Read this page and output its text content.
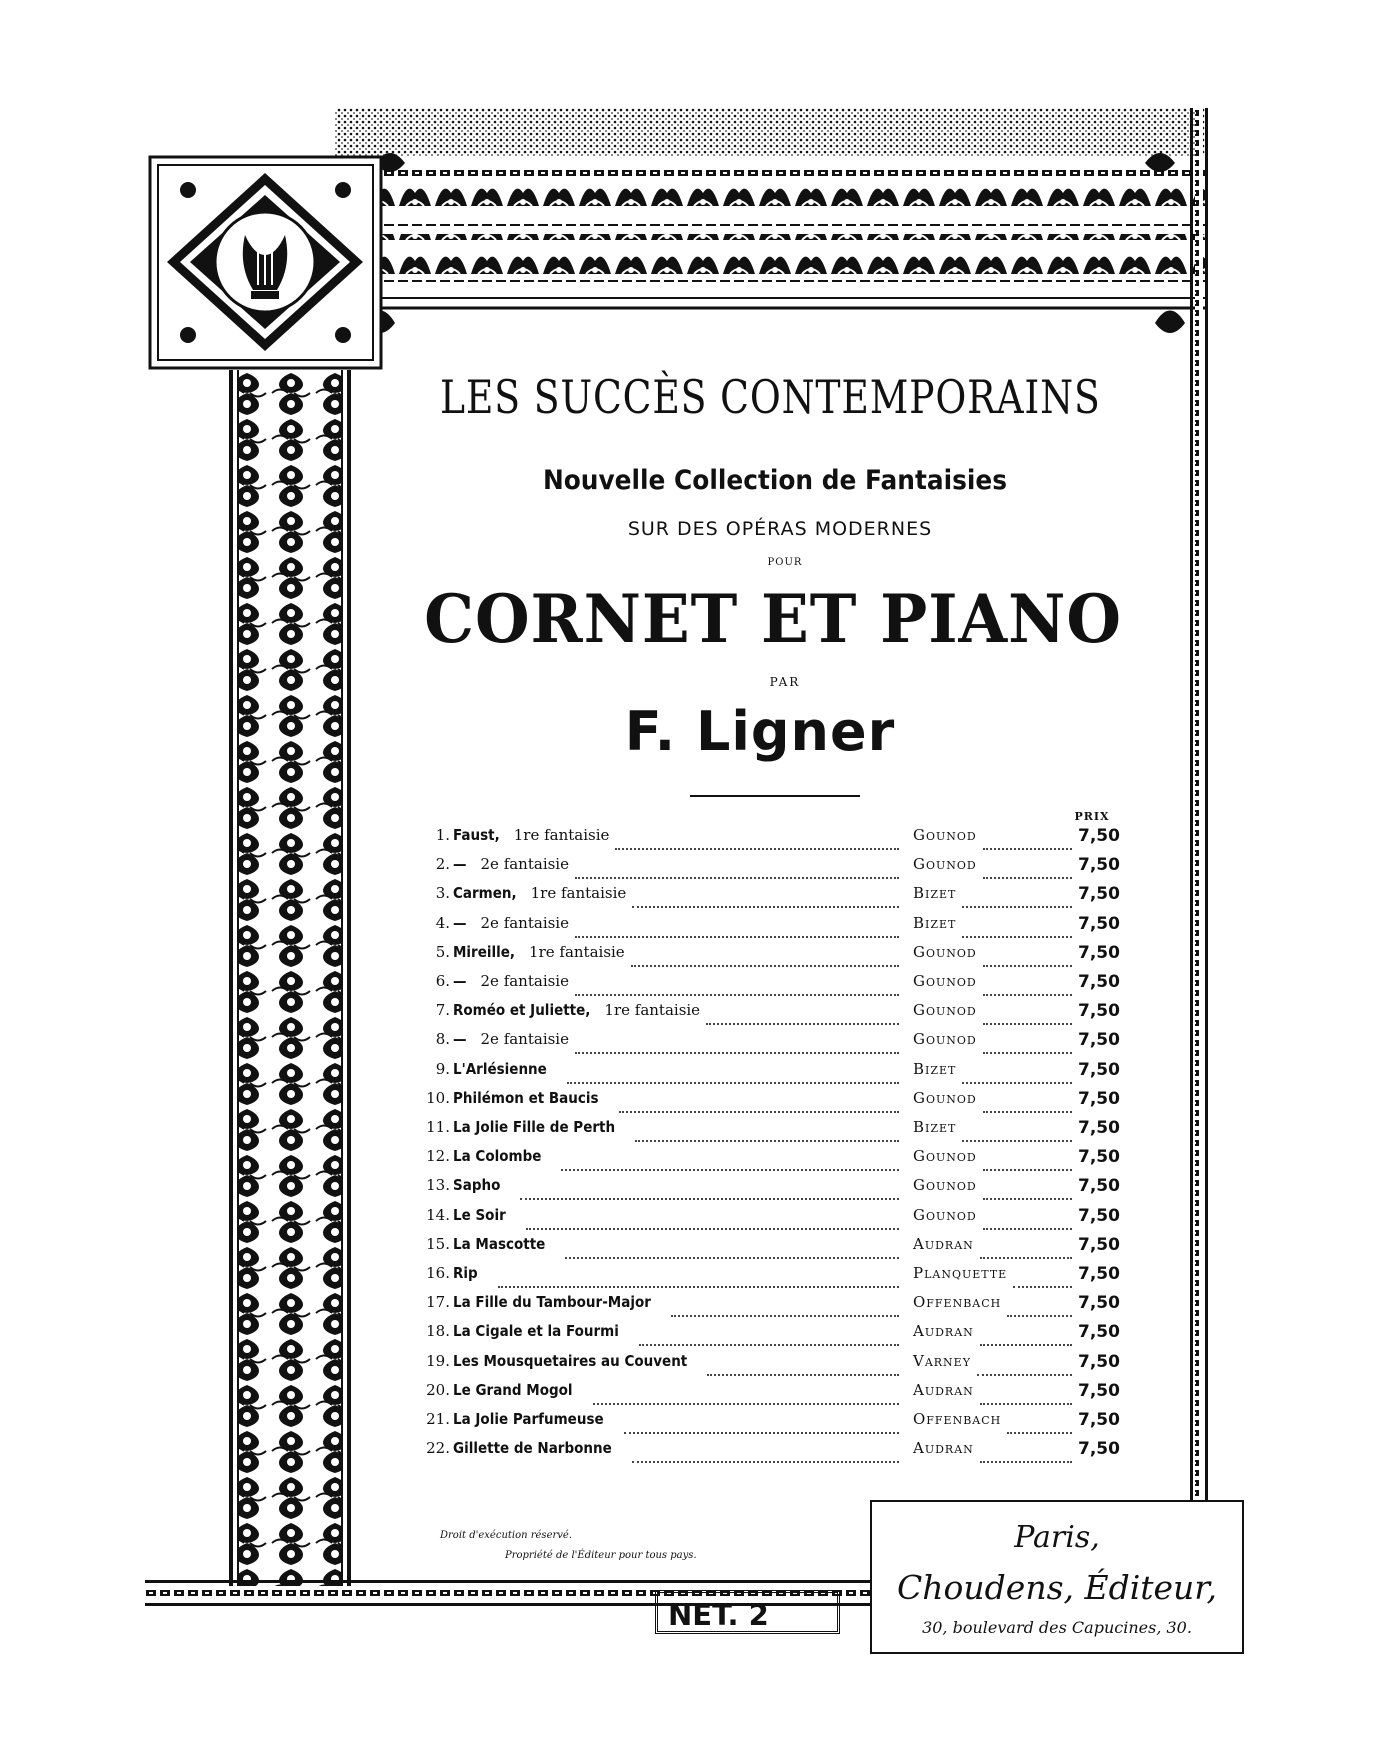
LES SUCCÈS CONTEMPORAINS
Nouvelle Collection de Fantaisies
SUR DES OPÉRAS MODERNES
POUR
CORNET ET PIANO
PAR
F. Ligner
PRIX
1. Faust, 1re fantaisie	Gounod	7,50
2. — 2e fantaisie	Gounod	7,50
3. Carmen, 1re fantaisie	Bizet	7,50
4. — 2e fantaisie	Bizet	7,50
5. Mireille, 1re fantaisie	Gounod	7,50
6. — 2e fantaisie	Gounod	7,50
7. Roméo et Juliette, 1re fantaisie	Gounod	7,50
8. — 2e fantaisie	Gounod	7,50
9. L'Arlésienne	Bizet	7,50
10. Philémon et Baucis	Gounod	7,50
11. La Jolie Fille de Perth	Bizet	7,50
12. La Colombe	Gounod	7,50
13. Sapho	Gounod	7,50
14. Le Soir	Gounod	7,50
15. La Mascotte	Audran	7,50
16. Rip	Planquette	7,50
17. La Fille du Tambour-Major	Offenbach	7,50
18. La Cigale et la Fourmi	Audran	7,50
19. Les Mousquetaires au Couvent	Varney	7,50
20. Le Grand Mogol	Audran	7,50
21. La Jolie Parfumeuse	Offenbach	7,50
22. Gillette de Narbonne	Audran	7,50
Droit d'exécution réservé.
Propriété de l'Éditeur pour tous pays.
Paris,
Choudens, Éditeur,
30, boulevard des Capucines, 30.
NET. 2
